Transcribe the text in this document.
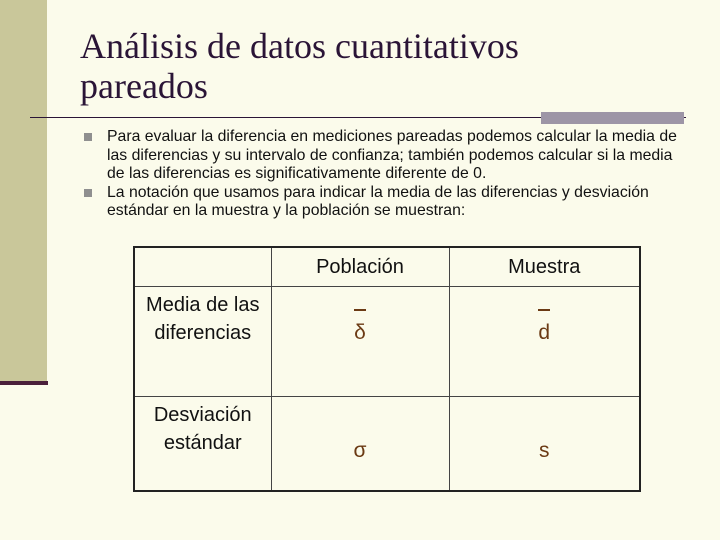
Análisis de datos cuantitativos pareados
Para evaluar la diferencia en mediciones pareadas podemos calcular la media de las diferencias y su intervalo de confianza; también podemos calcular si la media de las diferencias es significativamente diferente de 0.
La notación que usamos para indicar la media de las diferencias y desviación estándar en la muestra y la población se muestran:
	Población	Muestra
Media de las diferencias	δ	d
Desviación estándar	σ	s
